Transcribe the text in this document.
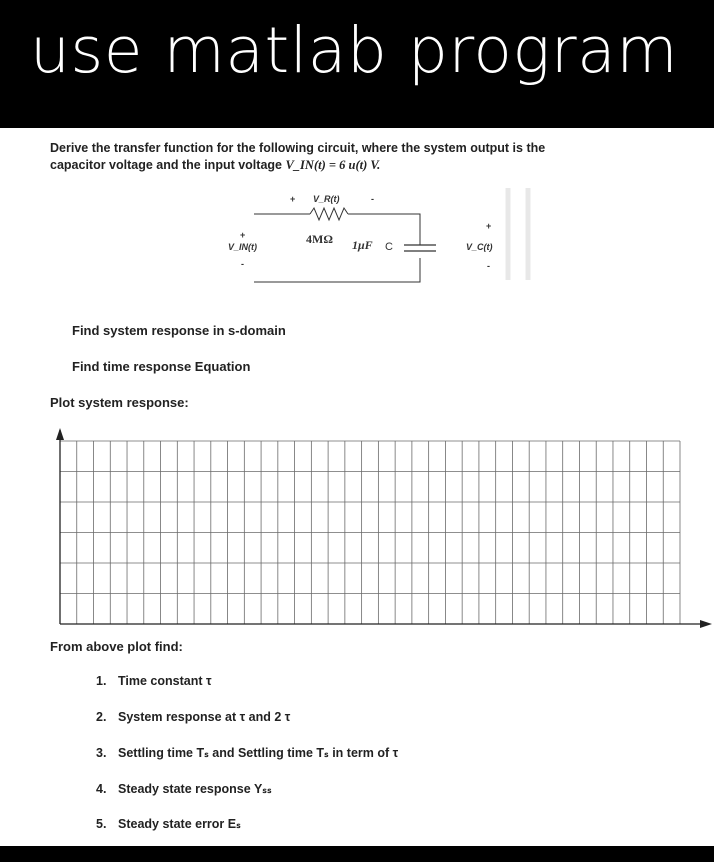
use matlab program
Derive the transfer function for the following circuit, where the system output is the
capacitor voltage and the input voltage V_IN(t) = 6 u(t) V.
+ V_R(t)	-
+
V_IN(t)
-
+
V_C(t)
-
4MΩ 1μF C
Find system response in s-domain
Find time response Equation
Plot system response:
From above plot find:
1. Time constant τ
2. System response at τ and 2 τ
3. Settling time Tₛ and Settling time Tₛ in term of τ
4. Steady state response Yₛₛ
5. Steady state error Eₛ
